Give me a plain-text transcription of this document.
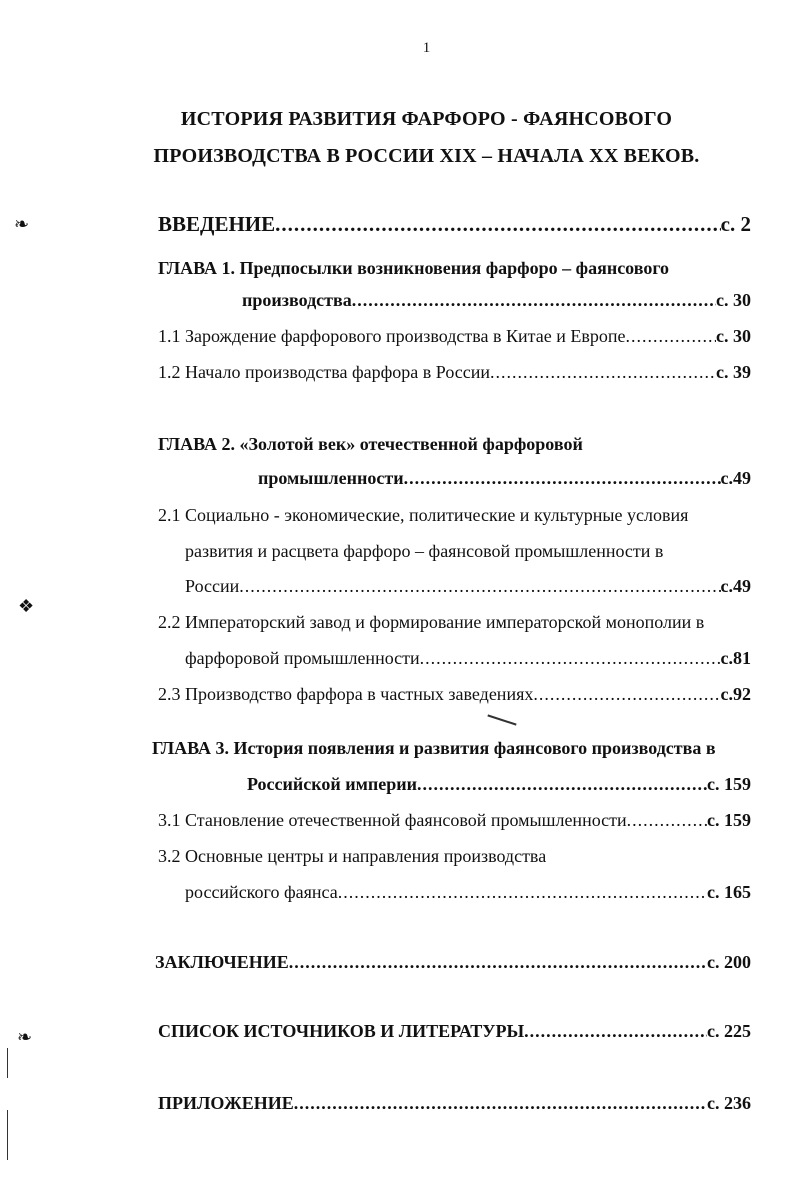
1
ИСТОРИЯ РАЗВИТИЯ ФАРФОРО - ФАЯНСОВОГО
ПРОИЗВОДСТВА В РОССИИ XIX – НАЧАЛА XX ВЕКОВ.
ВВЕДЕНИЕ .....	с. 2
ГЛАВА 1. Предпосылки возникновения фарфоро – фаянсового
производства .....	с. 30
1.1 Зарождение фарфорового производства в Китае и Европе .....	с. 30
1.2 Начало производства фарфора в России .....	с. 39
ГЛАВА 2. «Золотой век» отечественной фарфоровой
промышленности .....	с.49
2.1 Социально - экономические, политические и культурные условия
развития и расцвета фарфоро – фаянсовой промышленности в
России .....	с.49
2.2 Императорский завод и формирование императорской монополии в
фарфоровой промышленности .....	с.81
2.3 Производство фарфора в частных заведениях .....	с.92
ГЛАВА 3. История появления и развития фаянсового производства в
Российской империи .....	с. 159
3.1 Становление отечественной фаянсовой промышленности .....	с. 159
3.2 Основные центры и направления производства
российского фаянса .....	с. 165
ЗАКЛЮЧЕНИЕ .....	с. 200
СПИСОК ИСТОЧНИКОВ И ЛИТЕРАТУРЫ .....	с. 225
ПРИЛОЖЕНИЕ .....	с. 236
❧
❖
❧
